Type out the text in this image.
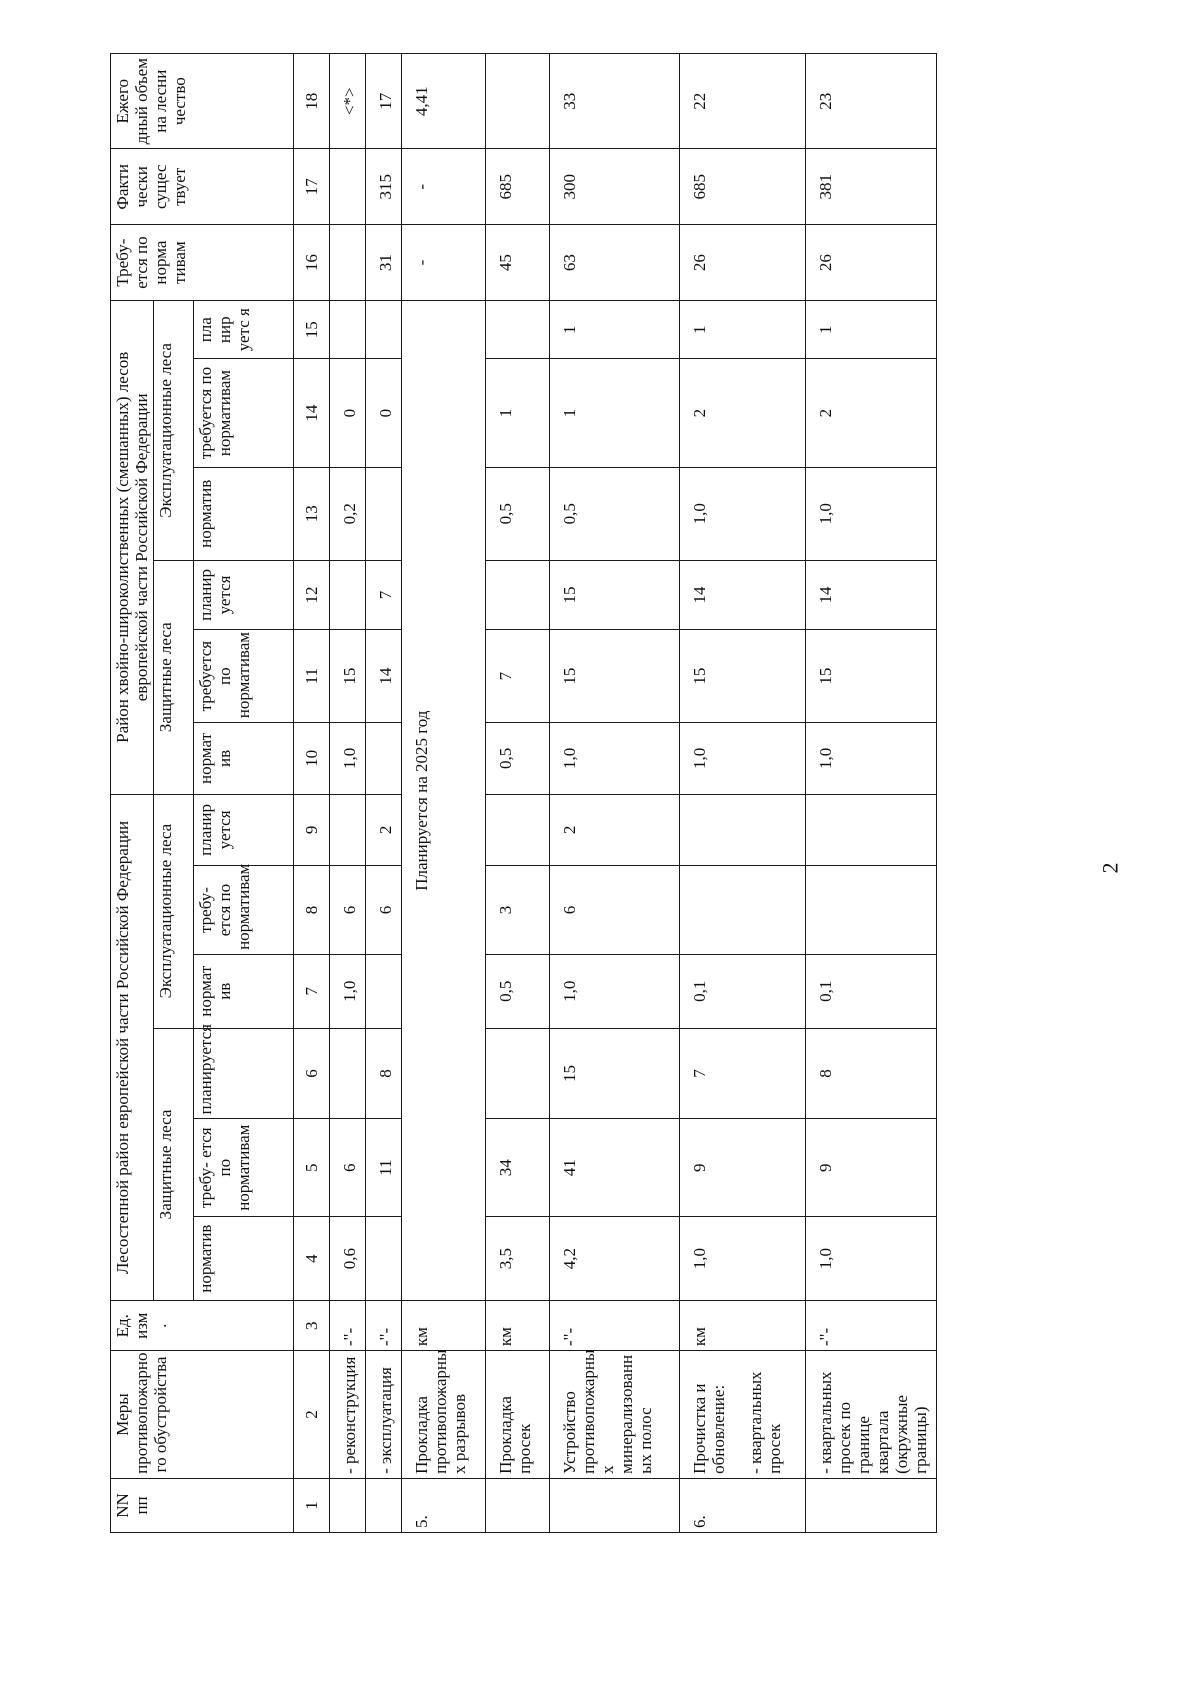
NN пп	Меры противопожарно го обустройства	Ед. изм .	Лесостепной район европейской части Российской Федерации						Район хвойно-широколиственных (смешанных) лесов европейской части Российской Федерации						Требу- ется по норма тивам	Факти чески сущес твует	Ежего дный объем на лесни чество
			Защитные леса			Эксплуатационные леса			Защитные леса			Эксплуатационные леса					
			норматив	требу- ется по нормативам	планируется	нормат ив	требу- ется по нормативам	планир уется	нормат ив	требуется по нормативам	планир уется	норматив	требуется по нормативам	пла нир уетс я			
1	2	3	4	5	6	7	8	9	10	11	12	13	14	15	16	17	18
	- реконструкция	-"-	0,6	6		1,0	6		1,0	15		0,2	0				<*>
	- эксплуатация	-"-		11	8		6	2		14	7		0		31	315	17
5.	Прокладка противопожарны х разрывов	км	Планируется на 2025 год												-	-	4,41
	Прокладка просек	км	3,5	34		0,5	3		0,5	7		0,5	1		45	685	
	Устройство противопожарны х минерализованн ых полос	-"-	4,2	41	15	1,0	6	2	1,0	15	15	0,5	1	1	63	300	33
6.	Прочистка и обновление: - квартальных просек	км	1,0	9	7	0,1			1,0	15	14	1,0	2	1	26	685	22
	- квартальных просек по границе квартала (окружные границы)	-"-	1,0	9	8	0,1			1,0	15	14	1,0	2	1	26	381	23
2
